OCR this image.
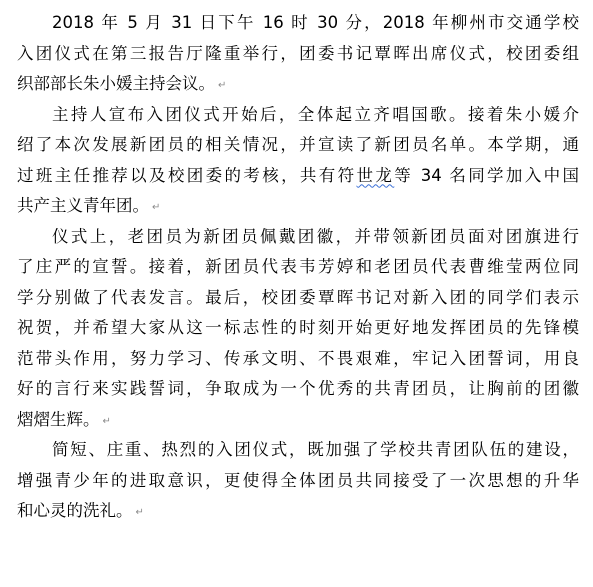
2018 年 5 月 31 日下午 16 时 30 分，2018 年柳州市交通学校
入团仪式在第三报告厅隆重举行，团委书记覃晖出席仪式，校团委组
织部部长朱小媛主持会议。 ↵
主持人宣布入团仪式开始后，全体起立齐唱国歌。接着朱小媛介
绍了本次发展新团员的相关情况，并宣读了新团员名单。本学期，通
过班主任推荐以及校团委的考核，共有符世龙等 34 名同学加入中国
共产主义青年团。 ↵
仪式上，老团员为新团员佩戴团徽，并带领新团员面对团旗进行
了庄严的宣誓。接着，新团员代表韦芳婷和老团员代表曹维莹两位同
学分别做了代表发言。最后，校团委覃晖书记对新入团的同学们表示
祝贺，并希望大家从这一标志性的时刻开始更好地发挥团员的先锋模
范带头作用，努力学习、传承文明、不畏艰难，牢记入团誓词，用良
好的言行来实践誓词，争取成为一个优秀的共青团员，让胸前的团徽
熠熠生辉。 ↵
简短、庄重、热烈的入团仪式，既加强了学校共青团队伍的建设，
增强青少年的进取意识，更使得全体团员共同接受了一次思想的升华
和心灵的洗礼。 ↵
